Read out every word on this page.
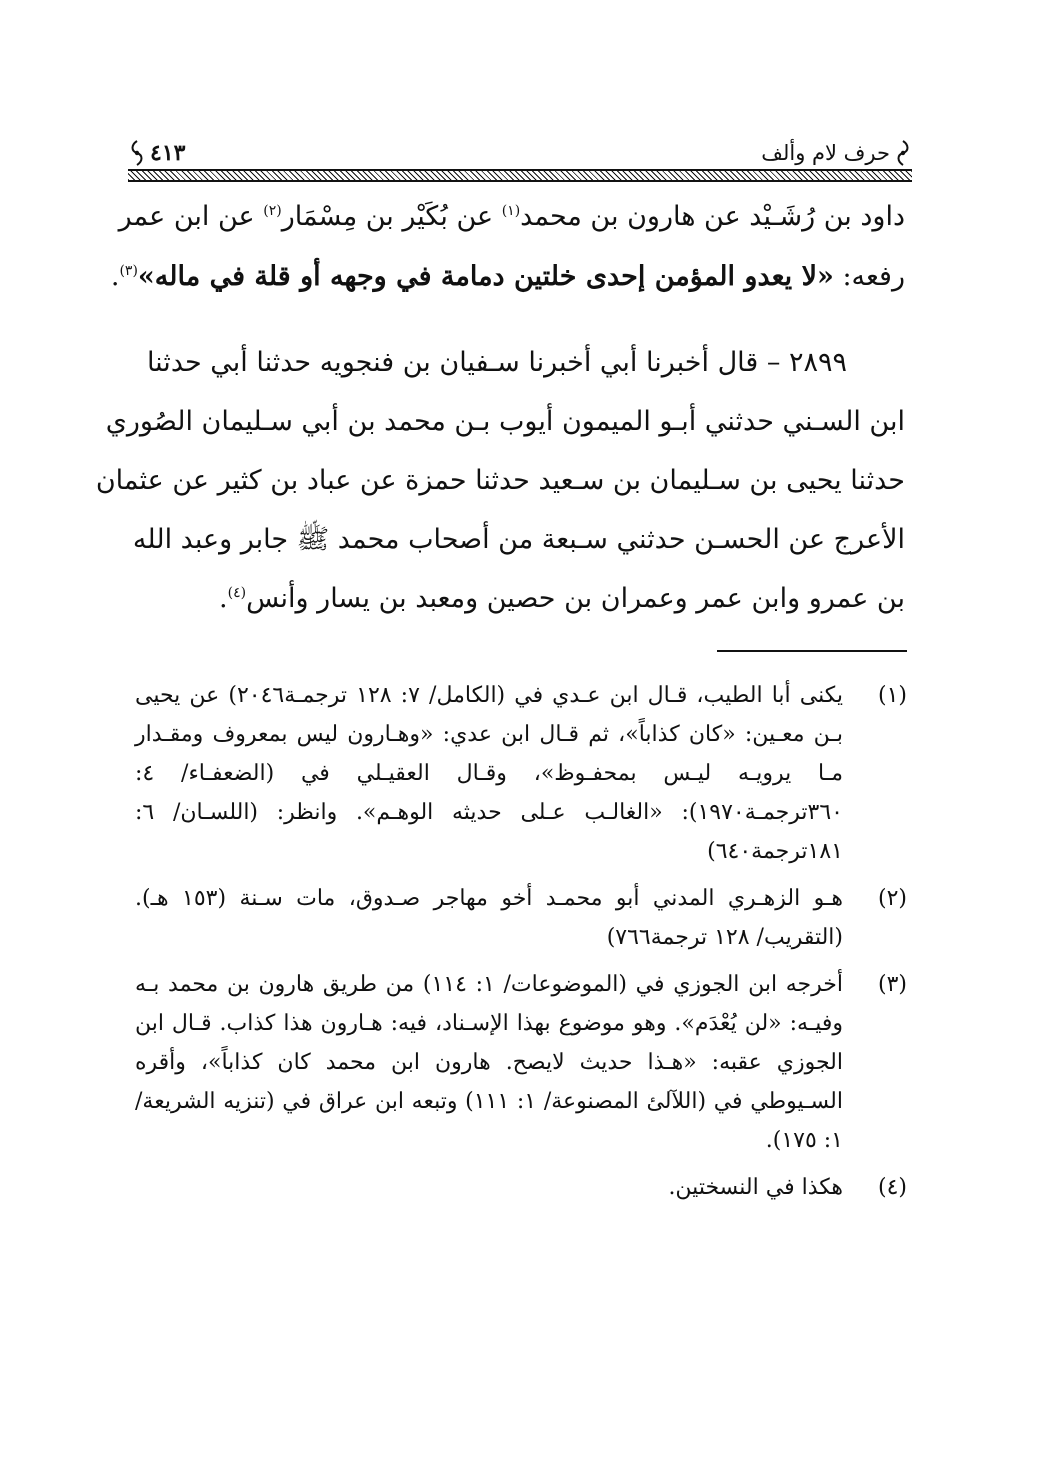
حرف لام وألف
٤١٣
داود بن رُشَـيْد عن هارون بن محمد$^{(١)}$ عن بُكَيْر بن مِسْمَار$^{(٢)}$ عن ابن عمر
رفعه: «لا يعدو المؤمن إحدى خلتين دمامة في وجهه أو قلة في ماله»$^{(٣)}$.
٢٨٩٩ – قال أخبرنا أبي أخبرنا سـفيان بن فنجويه حدثنا أبي حدثنا
ابن السـني حدثني أبـو الميمون أيوب بـن محمد بن أبي سـليمان الصُوري
حدثنا يحيى بن سـليمان بن سـعيد حدثنا حمزة عن عباد بن كثير عن عثمان
الأعرج عن الحسـن حدثني سـبعة من أصحاب محمد ﷺ جابر وعبد الله
بن عمرو وابن عمر وعمران بن حصين ومعبد بن يسار وأنس$^{(٤)}$.
(١)
يكنى أبا الطيب، قـال ابن عـدي في (الكامل/ ٧: ١٢٨ ترجمـة٢٠٤٦) عن يحيى بـن معـين: «كان كذاباً»، ثم قـال ابن عدي: «وهـارون ليس بمعروف ومقـدار مـا يرويـه ليـس بمحفـوظ»، وقـال العقيـلي في (الضعفـاء/ ٤: ٣٦٠ترجمـة١٩٧٠): «الغالـب عـلى حديثه الوهـم». وانظر: (اللسـان/ ٦: ١٨١ترجمة٦٤٠)
(٢)
هـو الزهـري المدني أبو محمـد أخو مهاجر صـدوق، مات سـنة (١٥٣ هـ). (التقريب/ ١٢٨ ترجمة٧٦٦)
(٣)
أخرجه ابن الجوزي في (الموضوعات/ ١: ١١٤) من طريق هارون بن محمد بـه وفيـه: «لن يُعْدَم». وهو موضوع بهذا الإسـناد، فيه: هـارون هذا كذاب. قـال ابن الجوزي عقبه: «هـذا حديث لايصح. هارون ابن محمد كان كذاباً»، وأقره السـيوطي في (اللآلئ المصنوعة/ ١: ١١١) وتبعه ابن عراق في (تنزيه الشريعة/ ١: ١٧٥).
(٤)
هكذا في النسختين.
